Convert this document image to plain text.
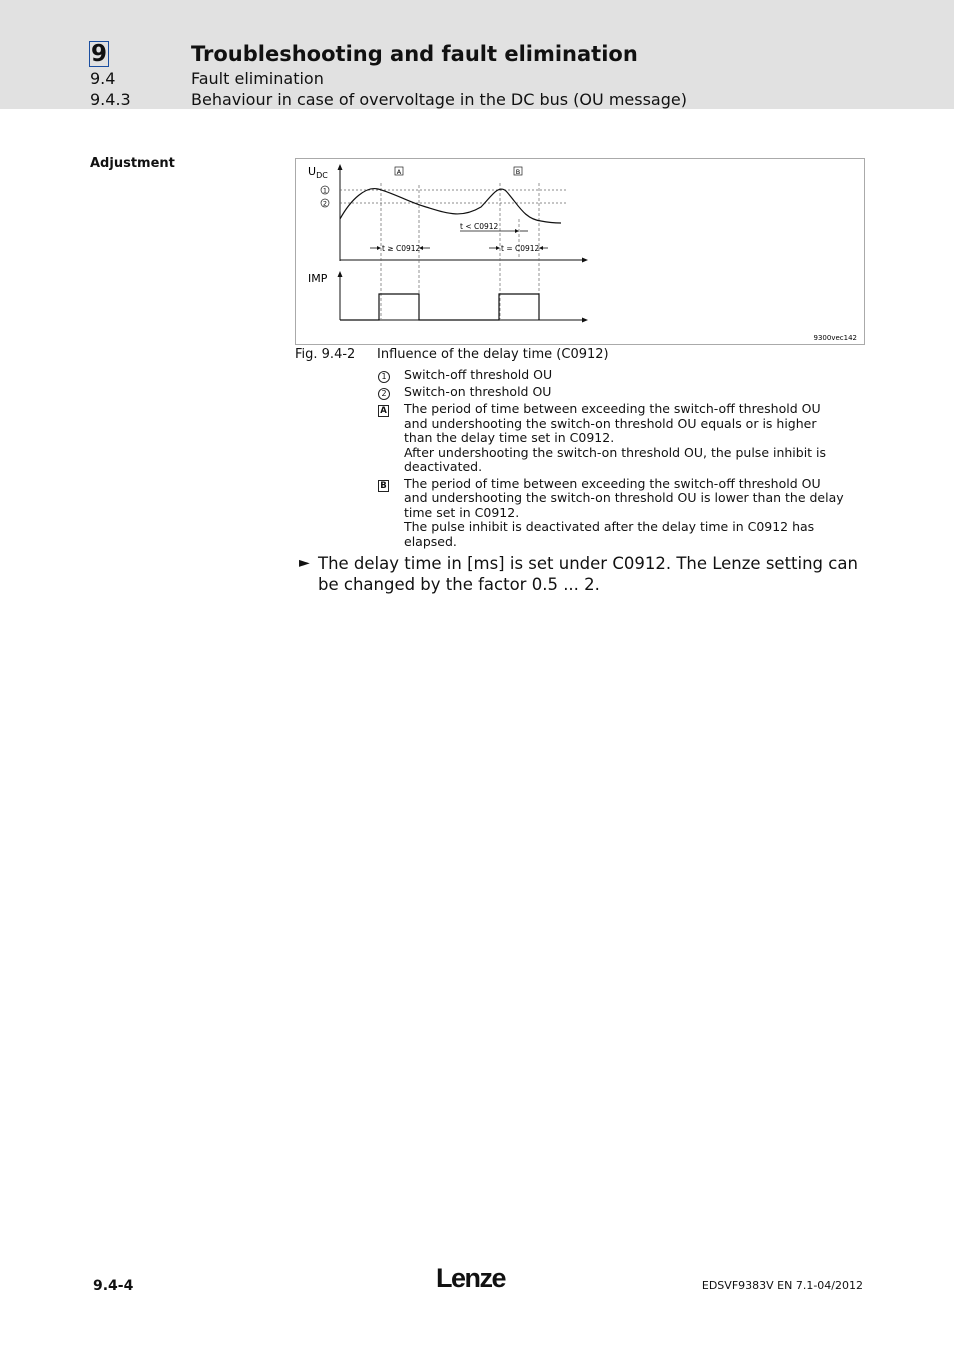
9	Troubleshooting and fault elimination
9.4	Fault elimination
9.4.3	Behaviour in case of overvoltage in the DC bus (OU message)
Adjustment
t ≥ C0912
t < C0912
t = C0912
$U_{DC}$
1
2
A	B
IMP
9300vec142
Fig. 9.4-2 Influence of the delay time (C0912)
1	Switch-off threshold OU

2	Switch-on threshold OU

A	The period of time between exceeding the switch-off threshold OU and undershooting the switch-on threshold OU equals or is higher than the delay time set in C0912.

After undershooting the switch-on threshold OU, the pulse inhibit is deactivated.

B	The period of time between exceeding the switch-off threshold OU and undershooting the switch-on threshold OU is lower than the delay time set in C0912.

The pulse inhibit is deactivated after the delay time in C0912 has elapsed.

► The delay time in [ms] is set under C0912. The Lenze setting can be changed by the factor 0.5 ... 2.
9.4-4	Lenze	EDSVF9383V EN 7.1-04/2012
